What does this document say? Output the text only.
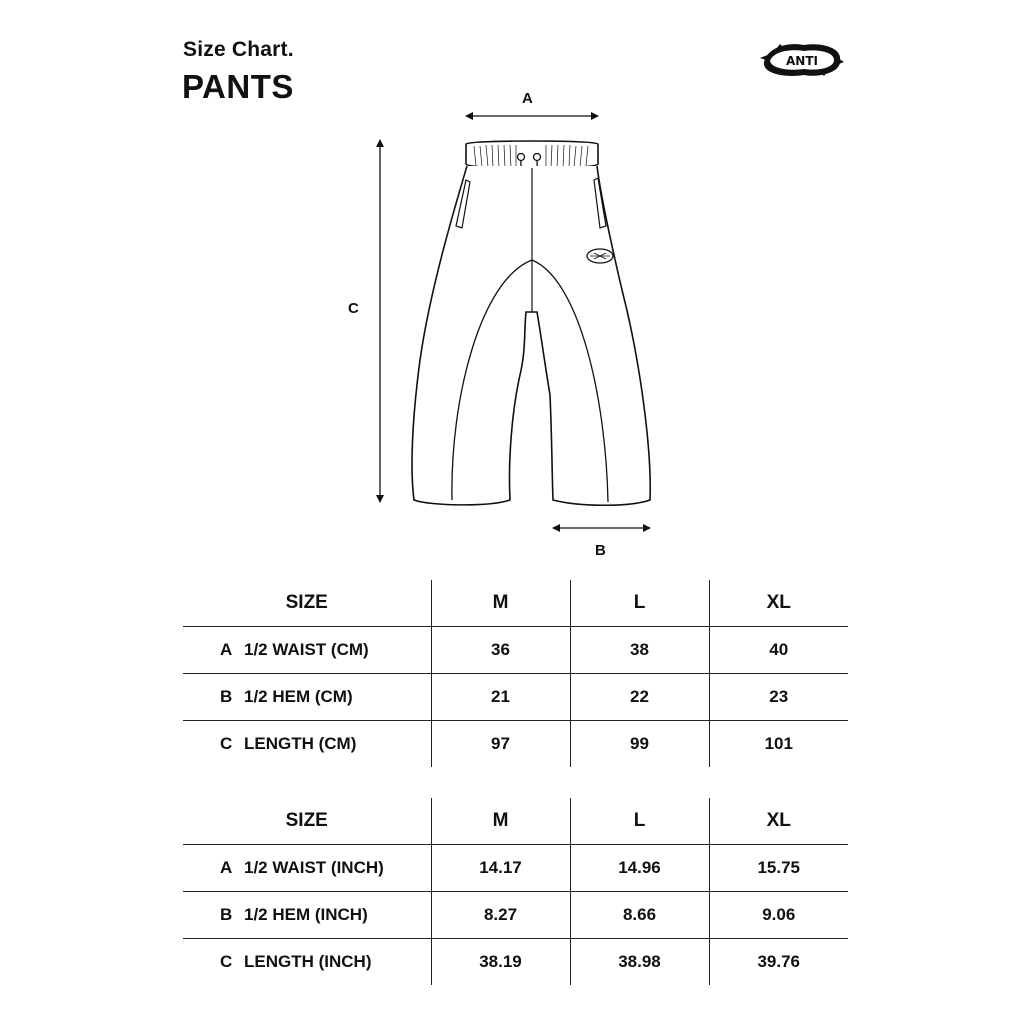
Size Chart.
PANTS
ANTI
A
C
B
SIZE	M	L	XL
A 1/2 WAIST (CM)	36	38	40
B 1/2 HEM (CM)	21	22	23
C LENGTH (CM)	97	99	101
SIZE	M	L	XL
A 1/2 WAIST (INCH)	14.17	14.96	15.75
B 1/2 HEM (INCH)	8.27	8.66	9.06
C LENGTH (INCH)	38.19	38.98	39.76
